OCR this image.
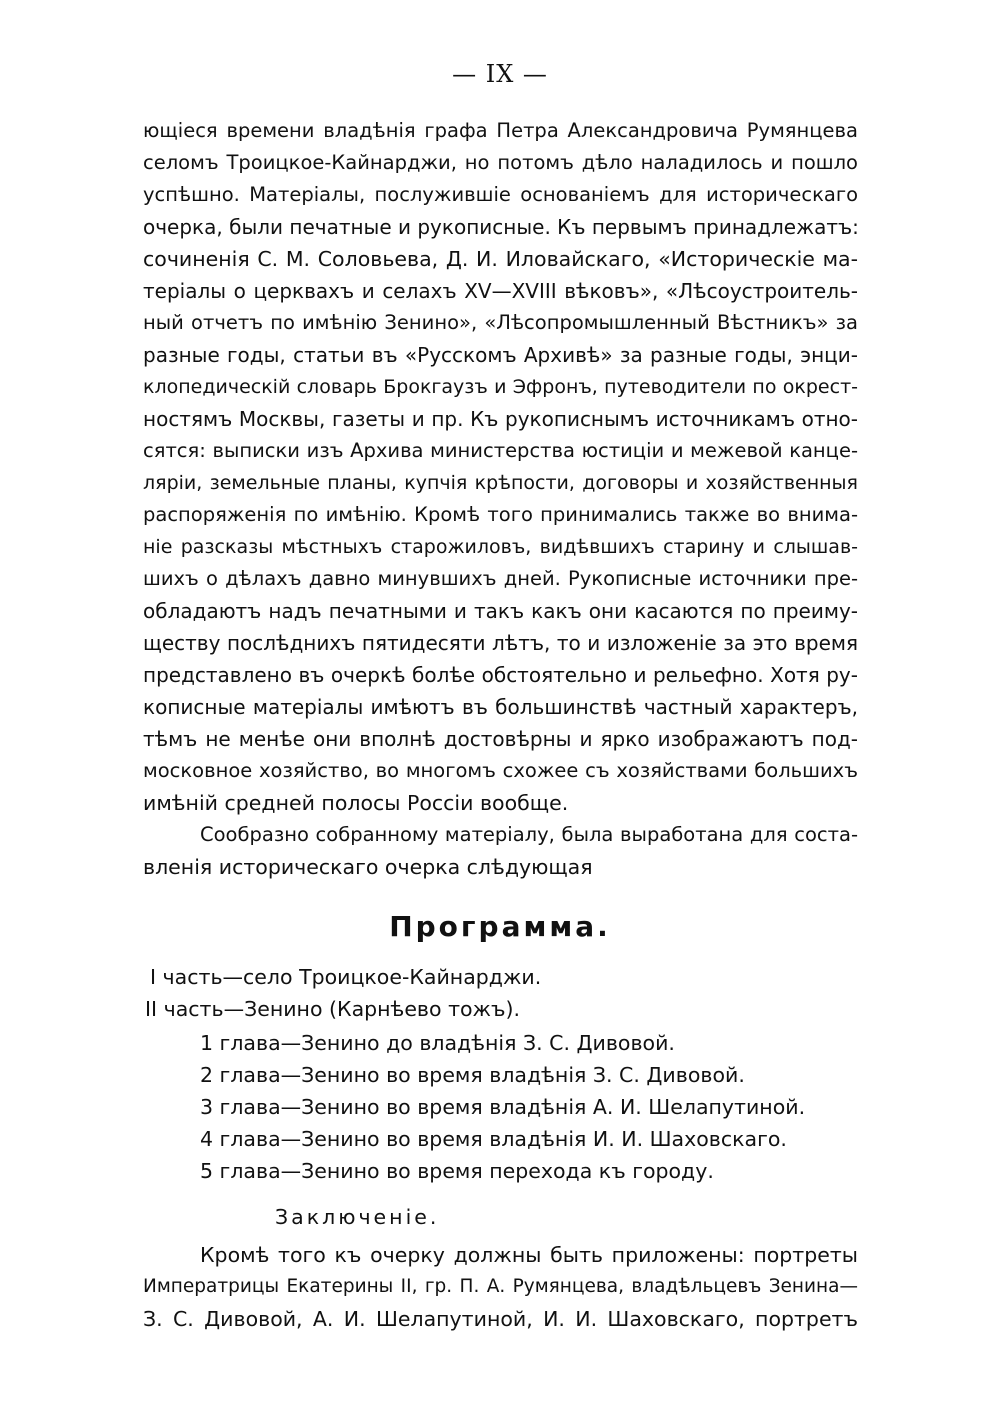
— IX —
ющіеся времени владѣнія графа Петра Александровича Румянцева
селомъ Троицкое-Кайнарджи, но потомъ дѣло наладилось и пошло
успѣшно. Матеріалы, послужившіе основаніемъ для историческаго
очерка, были печатные и рукописные. Къ первымъ принадлежатъ:
сочиненія С. М. Соловьева, Д. И. Иловайскаго, «Историческіе ма-
теріалы о церквахъ и селахъ XV—XVIII вѣковъ», «Лѣсоустроитель-
ный отчетъ по имѣнію Зенино», «Лѣсопромышленный Вѣстникъ» за
разные годы, статьи въ «Русскомъ Архивѣ» за разные годы, энци-
клопедическій словарь Брокгаузъ и Эфронъ, путеводители по окрест-
ностямъ Москвы, газеты и пр. Къ рукописнымъ источникамъ отно-
сятся: выписки изъ Архива министерства юстиціи и межевой канце-
ляріи, земельные планы, купчія крѣпости, договоры и хозяйственныя
распоряженія по имѣнію. Кромѣ того принимались также во внима-
ніе разсказы мѣстныхъ старожиловъ, видѣвшихъ старину и слышав-
шихъ о дѣлахъ давно минувшихъ дней. Рукописные источники пре-
обладаютъ надъ печатными и такъ какъ они касаются по преиму-
ществу послѣднихъ пятидесяти лѣтъ, то и изложеніе за это время
представлено въ очеркѣ болѣе обстоятельно и рельефно. Хотя ру-
кописные матеріалы имѣютъ въ большинствѣ частный характеръ,
тѣмъ не менѣе они вполнѣ достовѣрны и ярко изображаютъ под-
московное хозяйство, во многомъ схожее съ хозяйствами большихъ
имѣній средней полосы Россіи вообще.
Сообразно собранному матеріалу, была выработана для соста-
вленія историческаго очерка слѣдующая
Программа.
I часть—село Троицкое-Кайнарджи.
II часть—Зенино (Карнѣево тожъ).
1 глава—Зенино до владѣнія З. С. Дивовой.
2 глава—Зенино во время владѣнія З. С. Дивовой.
3 глава—Зенино во время владѣнія А. И. Шелапутиной.
4 глава—Зенино во время владѣнія И. И. Шаховскаго.
5 глава—Зенино во время перехода къ городу.
Заключеніе.
Кромѣ того къ очерку должны быть приложены: портреты
Императрицы Екатерины II, гр. П. А. Румянцева, владѣльцевъ Зенина—
З. С. Дивовой, А. И. Шелапутиной, И. И. Шаховскаго, портретъ
